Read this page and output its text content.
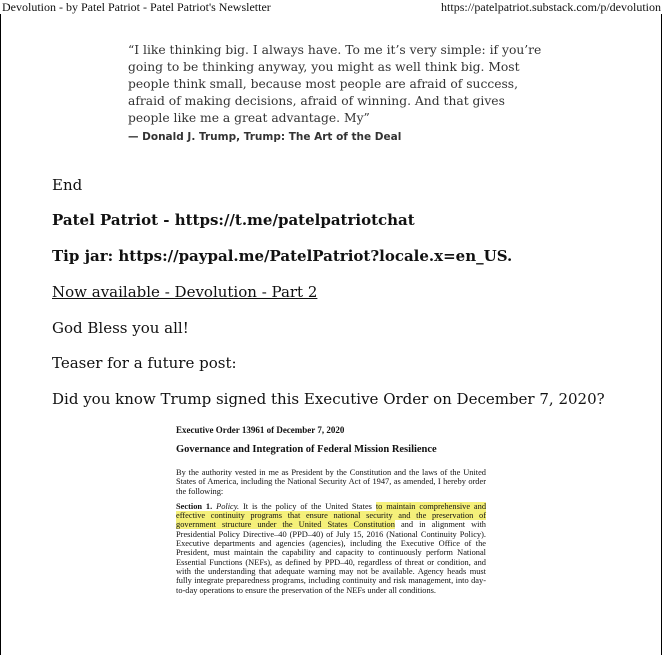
Devolution - by Patel Patriot - Patel Patriot's Newsletter	https://patelpatriot.substack.com/p/devolution
“I like thinking big. I always have. To me it’s very simple: if you’re going to be thinking anyway, you might as well think big. Most people think small, because most people are afraid of success, afraid of making decisions, afraid of winning. And that gives people like me a great advantage. My”
— Donald J. Trump, Trump: The Art of the Deal
End
Patel Patriot - https://t.me/patelpatriotchat
Tip jar: https://paypal.me/PatelPatriot?locale.x=en_US.
Now available - Devolution - Part 2
God Bless you all!
Teaser for a future post:
Did you know Trump signed this Executive Order on December 7, 2020?
Executive Order 13961 of December 7, 2020
Governance and Integration of Federal Mission Resilience
By the authority vested in me as President by the Constitution and the laws of the United States of America, including the National Security Act of 1947, as amended, I hereby order the following:
Section 1. Policy. It is the policy of the United States to maintain comprehensive and effective continuity programs that ensure national security and the preservation of government structure under the United States Constitution and in alignment with Presidential Policy Directive–40 (PPD–40) of July 15, 2016 (National Continuity Policy). Executive departments and agencies (agencies), including the Executive Office of the President, must maintain the capability and capacity to continuously perform National Essential Functions (NEFs), as defined by PPD–40, regardless of threat or condition, and with the understanding that adequate warning may not be available. Agency heads must fully integrate preparedness programs, including continuity and risk management, into day-to-day operations to ensure the preservation of the NEFs under all conditions.
